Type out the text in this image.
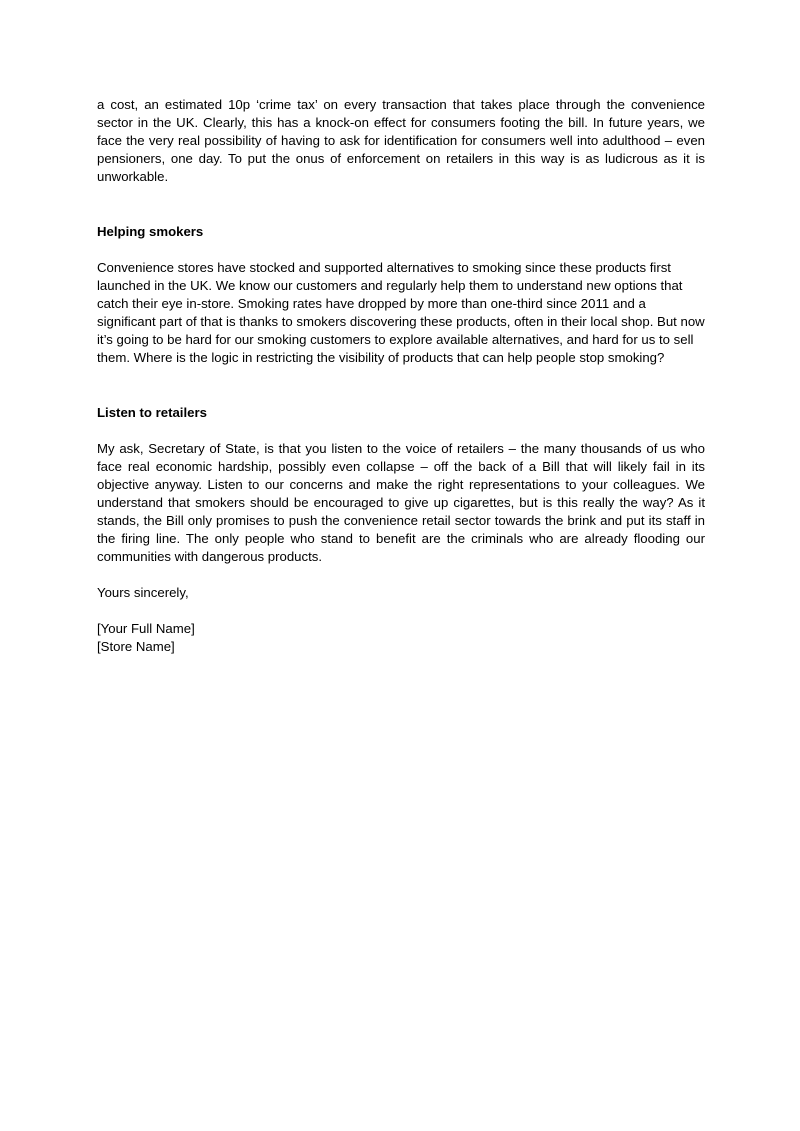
a cost, an estimated 10p ‘crime tax’ on every transaction that takes place through the convenience sector in the UK. Clearly, this has a knock-on effect for consumers footing the bill. In future years, we face the very real possibility of having to ask for identification for consumers well into adulthood – even pensioners, one day. To put the onus of enforcement on retailers in this way is as ludicrous as it is unworkable.

Helping smokers

Convenience stores have stocked and supported alternatives to smoking since these products first launched in the UK. We know our customers and regularly help them to understand new options that catch their eye in-store. Smoking rates have dropped by more than one-third since 2011 and a significant part of that is thanks to smokers discovering these products, often in their local shop. But now it’s going to be hard for our smoking customers to explore available alternatives, and hard for us to sell them. Where is the logic in restricting the visibility of products that can help people stop smoking?

Listen to retailers

My ask, Secretary of State, is that you listen to the voice of retailers – the many thousands of us who face real economic hardship, possibly even collapse – off the back of a Bill that will likely fail in its objective anyway. Listen to our concerns and make the right representations to your colleagues. We understand that smokers should be encouraged to give up cigarettes, but is this really the way? As it stands, the Bill only promises to push the convenience retail sector towards the brink and put its staff in the firing line. The only people who stand to benefit are the criminals who are already flooding our communities with dangerous products.

Yours sincerely,

[Your Full Name]

[Store Name]
